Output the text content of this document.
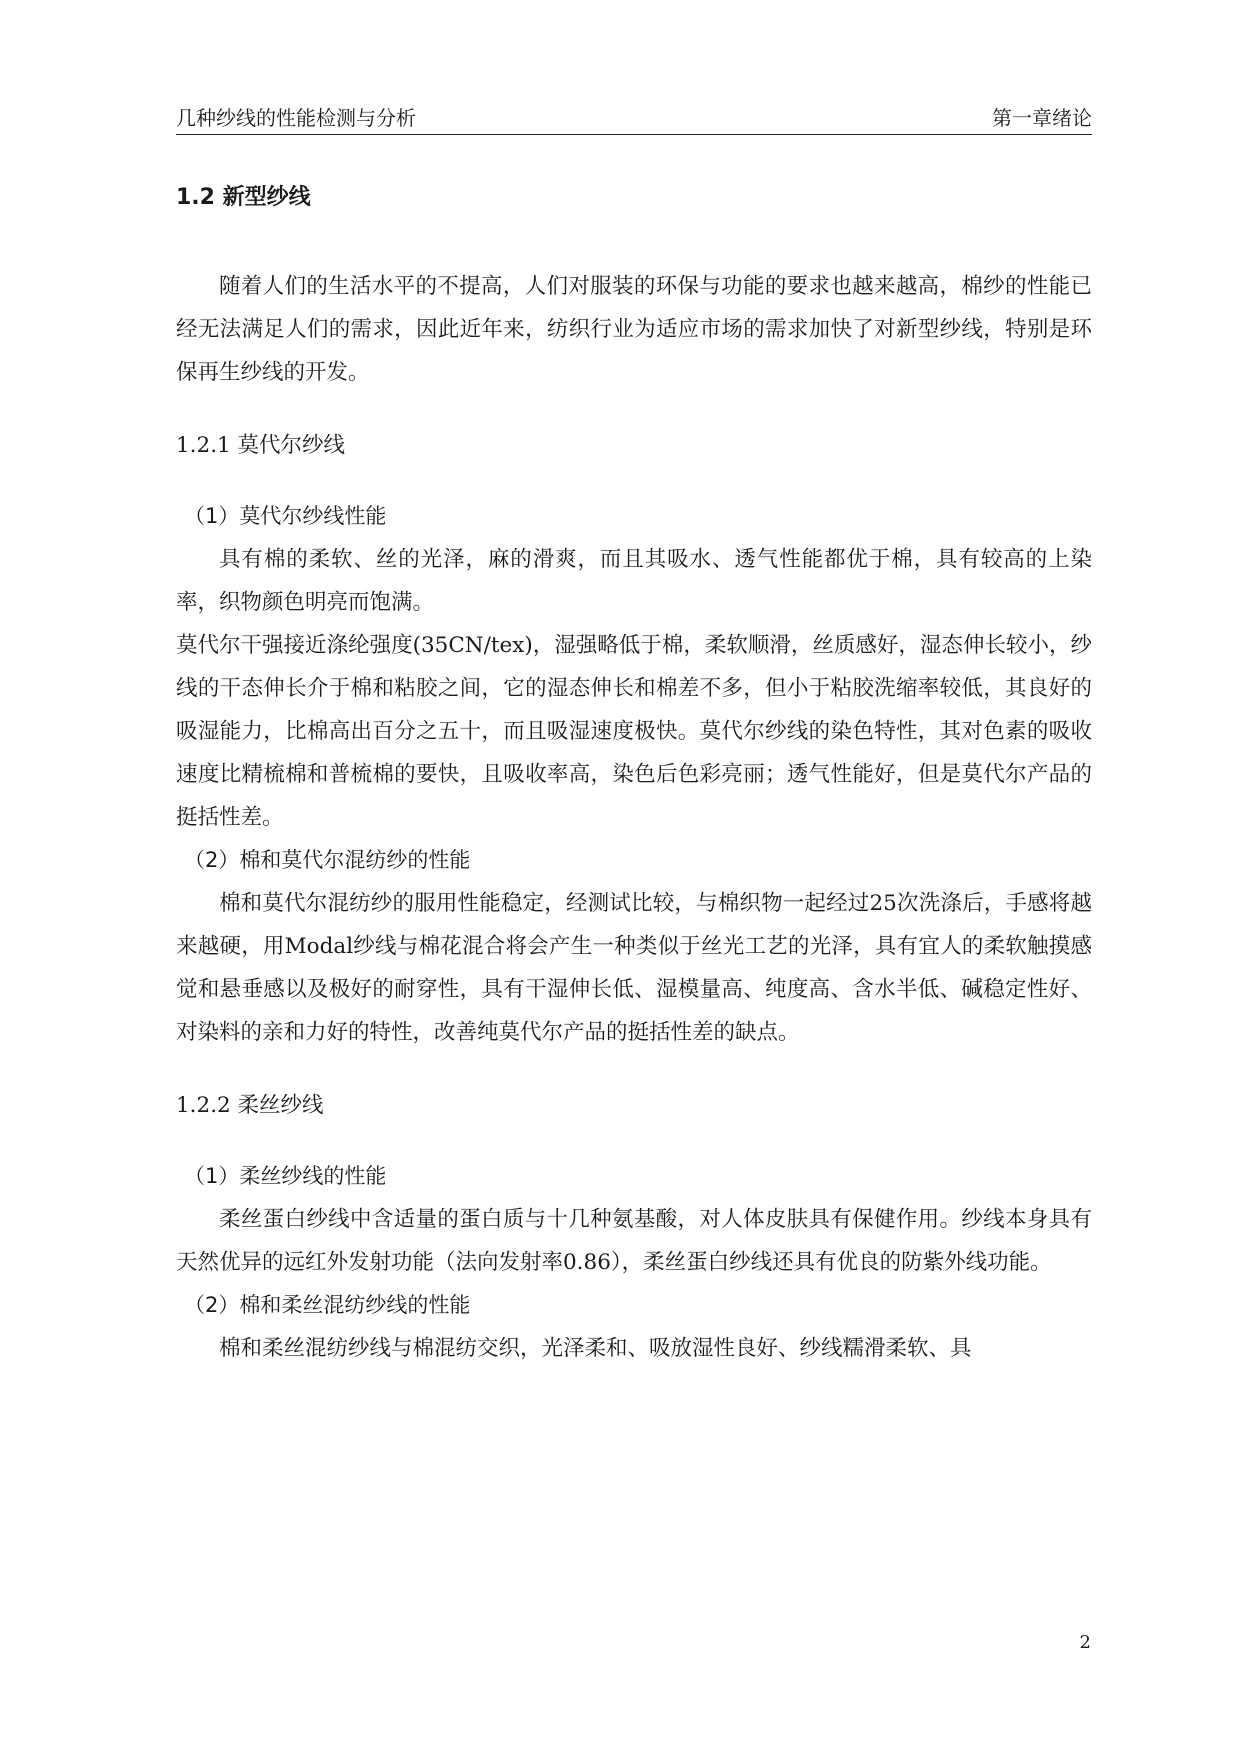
几种纱线的性能检测与分析	第一章绪论
1.2 新型纱线

随着人们的生活水平的不提高，人们对服装的环保与功能的要求也越来越高，棉纱的性能已经无法满足人们的需求，因此近年来，纺织行业为适应市场的需求加快了对新型纱线，特别是环保再生纱线的开发。

1.2.1 莫代尔纱线

（1）莫代尔纱线性能

具有棉的柔软、丝的光泽，麻的滑爽，而且其吸水、透气性能都优于棉，具有较高的上染率，织物颜色明亮而饱满。

莫代尔干强接近涤纶强度(35CN/tex)，湿强略低于棉，柔软顺滑，丝质感好，湿态伸长较小，纱线的干态伸长介于棉和粘胶之间，它的湿态伸长和棉差不多，但小于粘胶洗缩率较低，其良好的吸湿能力，比棉高出百分之五十，而且吸湿速度极快。莫代尔纱线的染色特性，其对色素的吸收速度比精梳棉和普梳棉的要快，且吸收率高，染色后色彩亮丽；透气性能好，但是莫代尔产品的挺括性差。

（2）棉和莫代尔混纺纱的性能

棉和莫代尔混纺纱的服用性能稳定，经测试比较，与棉织物一起经过25次洗涤后，手感将越来越硬，用Modal纱线与棉花混合将会产生一种类似于丝光工艺的光泽，具有宜人的柔软触摸感觉和悬垂感以及极好的耐穿性，具有干湿伸长低、湿模量高、纯度高、含水半低、碱稳定性好、对染料的亲和力好的特性，改善纯莫代尔产品的挺括性差的缺点。

1.2.2 柔丝纱线

（1）柔丝纱线的性能

柔丝蛋白纱线中含适量的蛋白质与十几种氨基酸，对人体皮肤具有保健作用。纱线本身具有天然优异的远红外发射功能（法向发射率0.86），柔丝蛋白纱线还具有优良的防紫外线功能。

（2）棉和柔丝混纺纱线的性能

棉和柔丝混纺纱线与棉混纺交织，光泽柔和、吸放湿性良好、纱线糯滑柔软、具

2
